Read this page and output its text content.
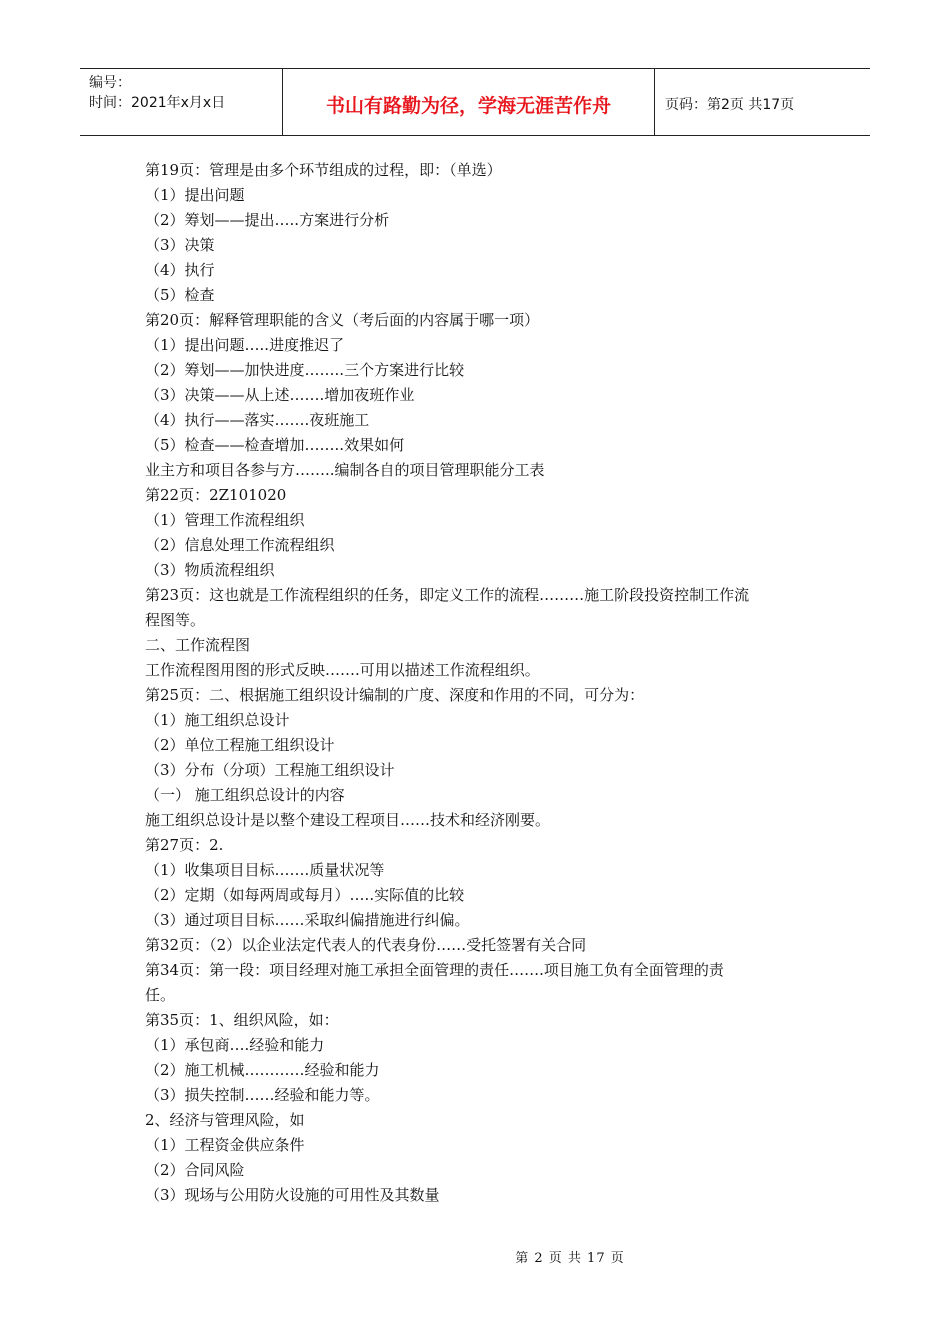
编号：
时间：2021年x月x日	书山有路勤为径，学海无涯苦作舟	页码：第2页 共17页
第19页：管理是由多个环节组成的过程，即：（单选）
（1）提出问题
（2）筹划——提出…..方案进行分析
（3）决策
（4）执行
（5）检查
第20页：解释管理职能的含义（考后面的内容属于哪一项）
（1）提出问题…..进度推迟了
（2）筹划——加快进度……..三个方案进行比较
（3）决策——从上述…….增加夜班作业
（4）执行——落实…….夜班施工
（5）检查——检查增加……..效果如何
业主方和项目各参与方……..编制各自的项目管理职能分工表
第22页：2Z101020
（1）管理工作流程组织
（2）信息处理工作流程组织
（3）物质流程组织
第23页：这也就是工作流程组织的任务，即定义工作的流程………施工阶段投资控制工作流
程图等。
二、工作流程图
工作流程图用图的形式反映…….可用以描述工作流程组织。
第25页：二、根据施工组织设计编制的广度、深度和作用的不同，可分为：
（1）施工组织总设计
（2）单位工程施工组织设计
（3）分布（分项）工程施工组织设计
（一） 施工组织总设计的内容
施工组织总设计是以整个建设工程项目……技术和经济刚要。
第27页：2.
（1）收集项目目标…….质量状况等
（2）定期（如每两周或每月）…..实际值的比较
（3）通过项目目标……采取纠偏措施进行纠偏。
第32页：（2）以企业法定代表人的代表身份……受托签署有关合同
第34页：第一段：项目经理对施工承担全面管理的责任…….项目施工负有全面管理的责
任。
第35页：1、组织风险，如：
（1）承包商….经验和能力
（2）施工机械…………经验和能力
（3）损失控制……经验和能力等。
2、经济与管理风险，如
（1）工程资金供应条件
（2）合同风险
（3）现场与公用防火设施的可用性及其数量
第 2 页 共 17 页
